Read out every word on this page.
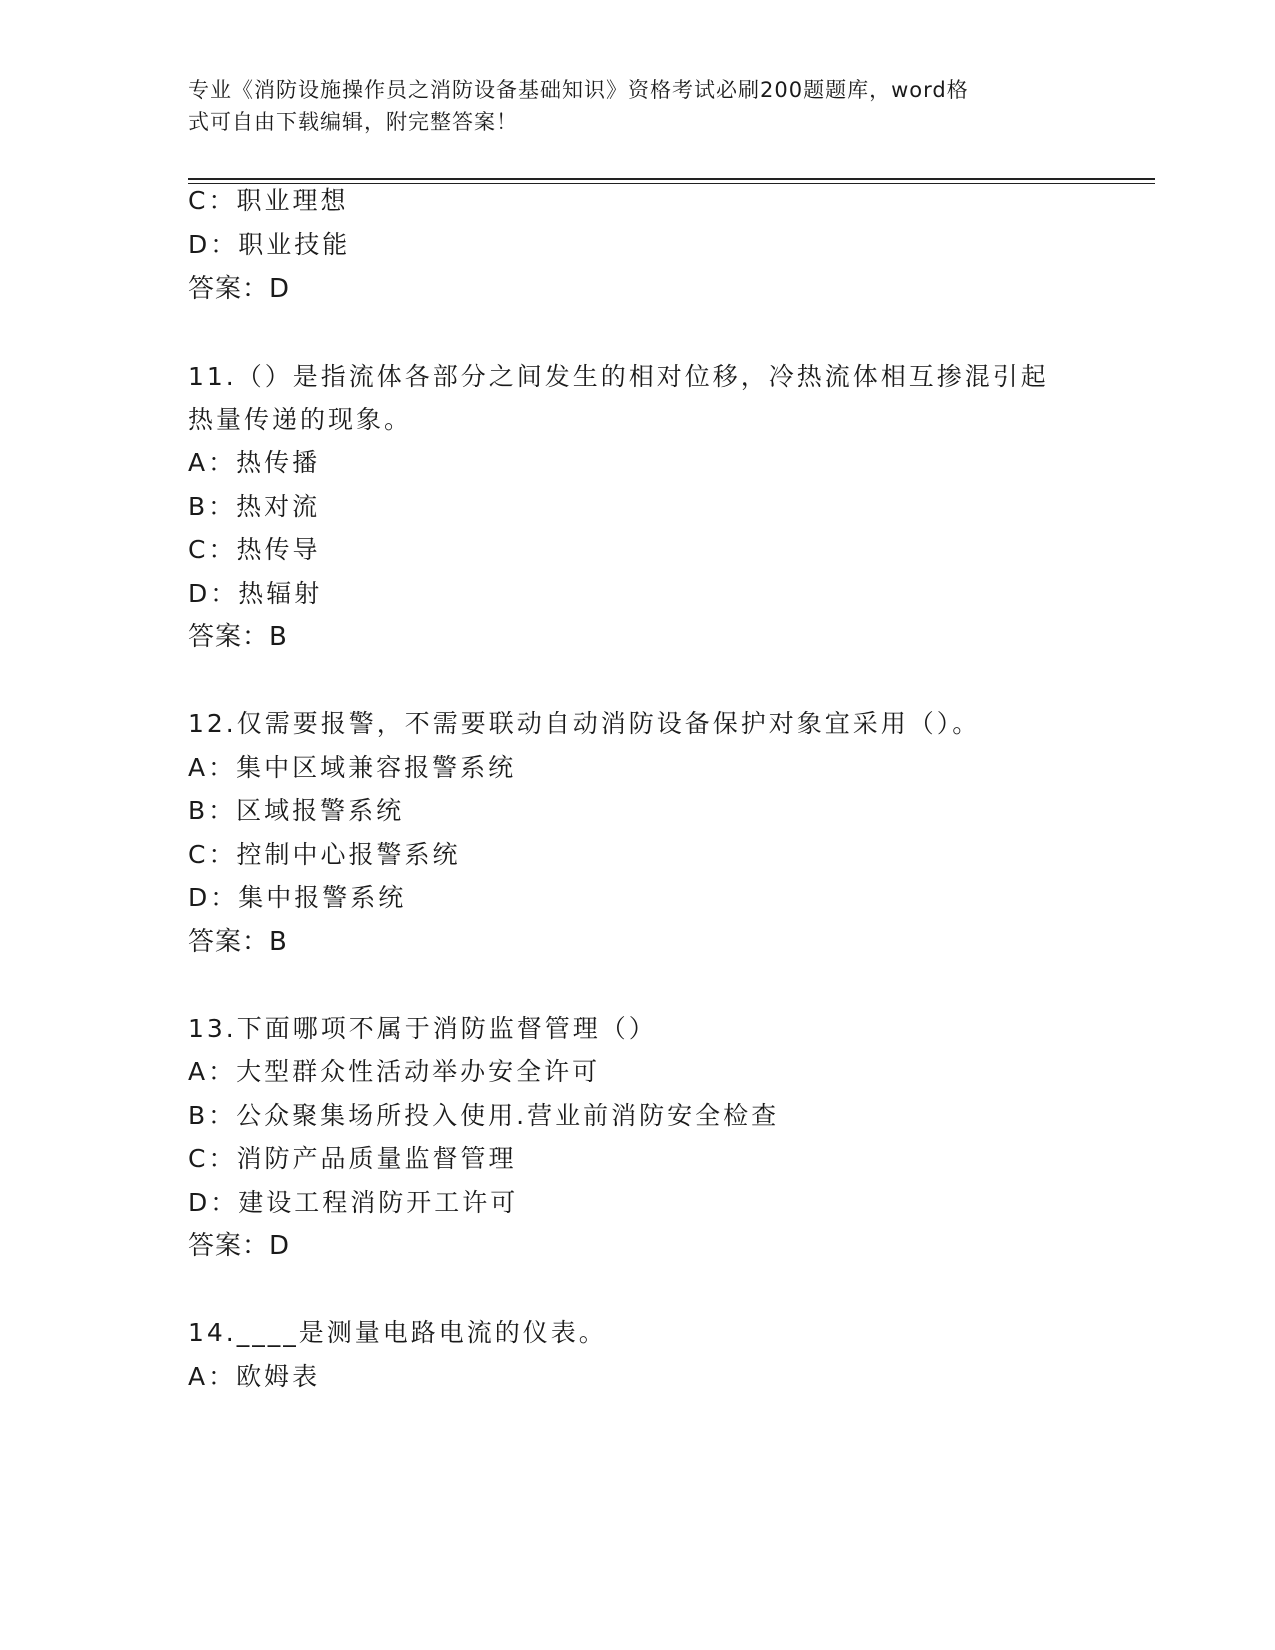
专业《消防设施操作员之消防设备基础知识》资格考试必刷200题题库，word格
式可自由下载编辑，附完整答案！
C：职业理想
D：职业技能
答案：D
11.（）是指流体各部分之间发生的相对位移，冷热流体相互掺混引起
热量传递的现象。
A：热传播
B：热对流
C：热传导
D：热辐射
答案：B
12.仅需要报警，不需要联动自动消防设备保护对象宜采用（）。
A：集中区域兼容报警系统
B：区域报警系统
C：控制中心报警系统
D：集中报警系统
答案：B
13.下面哪项不属于消防监督管理（）
A：大型群众性活动举办安全许可
B：公众聚集场所投入使用.营业前消防安全检查
C：消防产品质量监督管理
D：建设工程消防开工许可
答案：D
14.____是测量电路电流的仪表。
A：欧姆表
